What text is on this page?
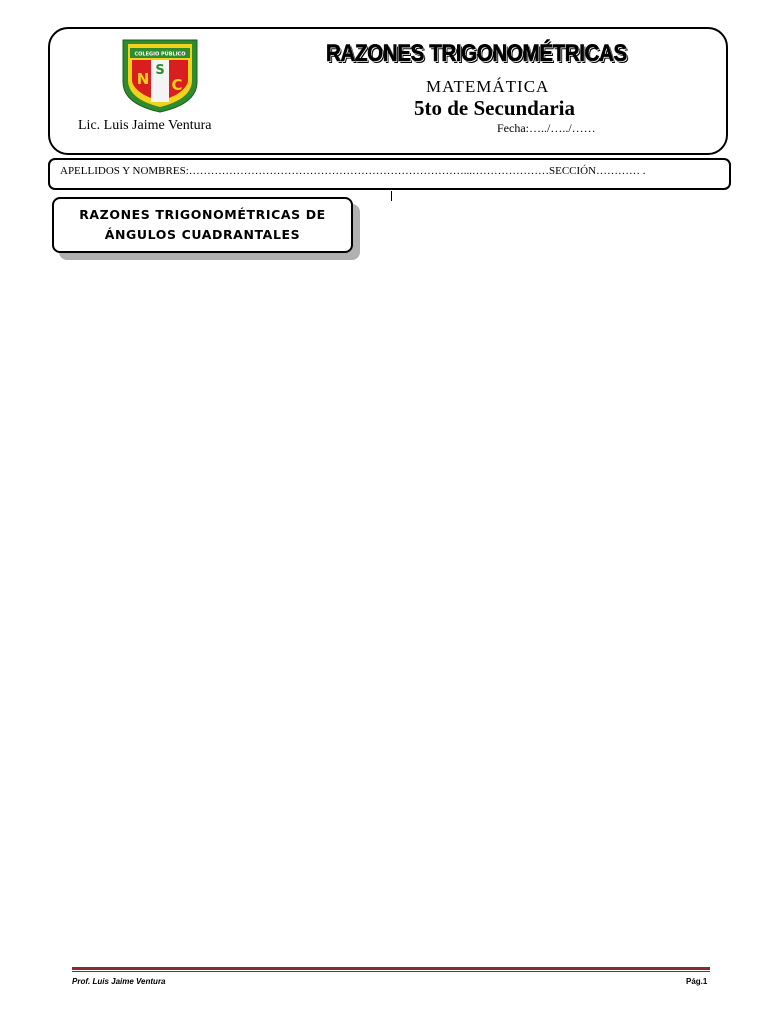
COLEGIO PÚBLICO
N S
C
Lic. Luis Jaime Ventura
RAZONES TRIGONOMÉTRICAS
MATEMÁTICA
5to de Secundaria
Fecha:…../…../……
APELLIDOS Y NOMBRES:…………………………………………………………………...…………………SECCIÓN………… .
RAZONES TRIGONOMÉTRICAS DE ÁNGULOS CUADRANTALES
Prof. Luis Jaime Ventura	Pág.1
